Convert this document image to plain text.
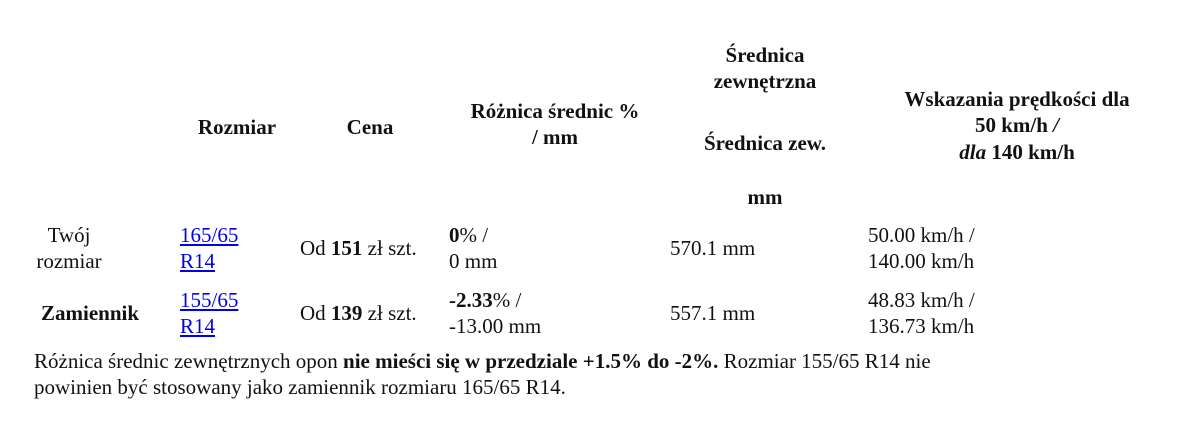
Rozmiar	Cena
Różnica średnic %
/ mm
Średnica
zewnętrzna
Średnica zew.
mm
Wskazania prędkości dla
50 km/h /
dla 140 km/h
Twój
rozmiar
165/65
R14
Od 151 zł szt.
0% /
0 mm
570.1 mm
50.00 km/h /
140.00 km/h
Zamiennik
155/65
R14
Od 139 zł szt.
-2.33% /
-13.00 mm
557.1 mm
48.83 km/h /
136.73 km/h
Różnica średnic zewnętrznych opon nie mieści się w przedziale +1.5% do -2%. Rozmiar 155/65 R14 nie
powinien być stosowany jako zamiennik rozmiaru 165/65 R14.
